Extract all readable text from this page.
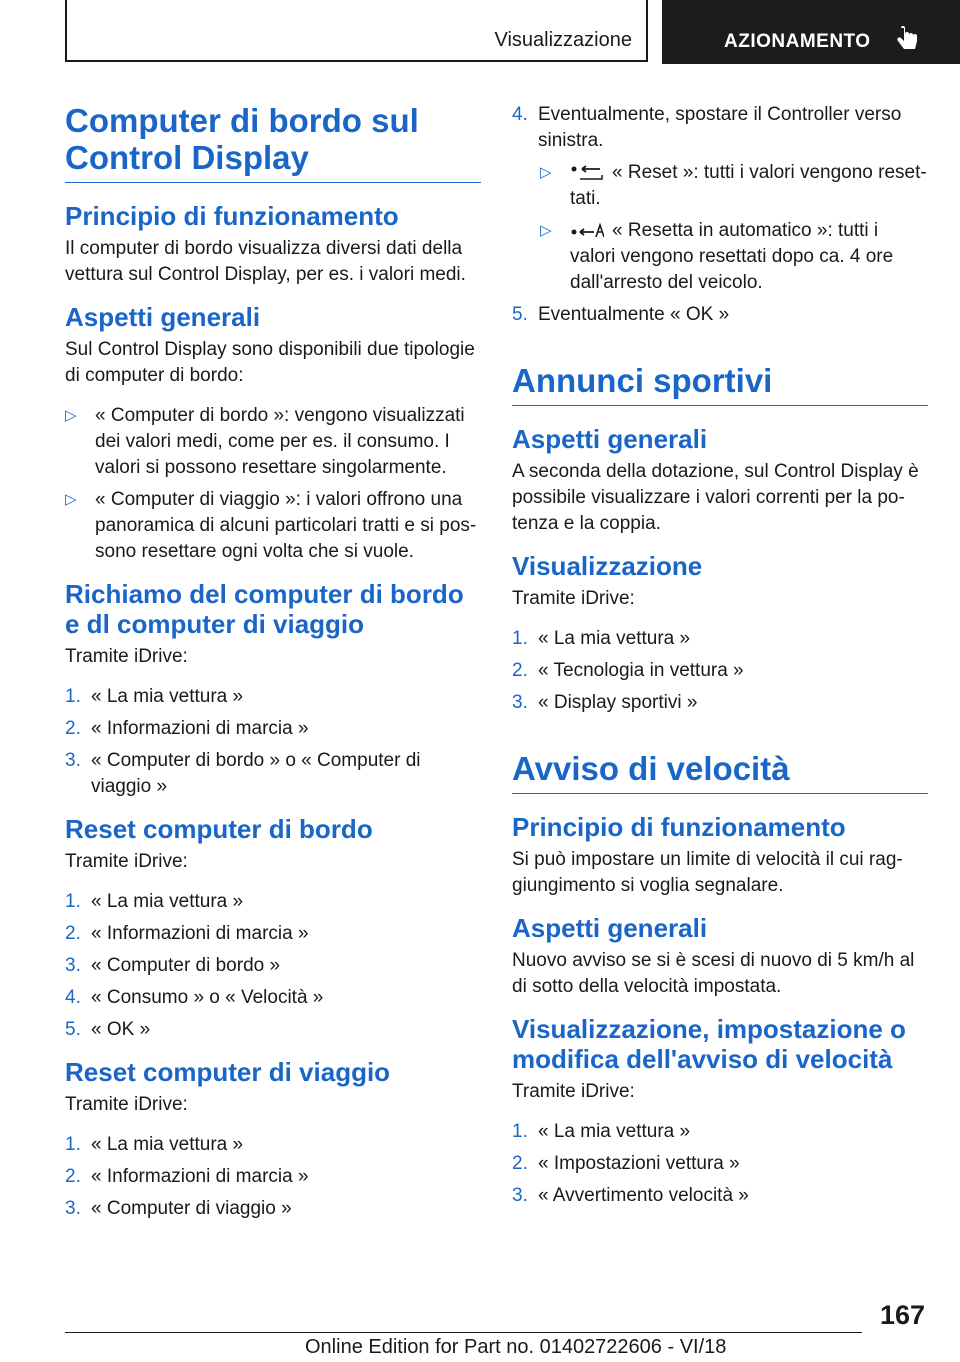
Visualizzazione	AZIONAMENTO
Computer di bordo sul Control Display
Principio di funzionamento
Il computer di bordo visualizza diversi dati della vettura sul Control Display, per es. i valori medi.
Aspetti generali
Sul Control Display sono disponibili due tipologie di computer di bordo:
▷ « Computer di bordo »: vengono visualizzati dei valori medi, come per es. il consumo. I valori si possono resettare singolarmente.
▷ « Computer di viaggio »: i valori offrono una panoramica di alcuni particolari tratti e si possono resettare ogni volta che si vuole.
Richiamo del computer di bordo e dl computer di viaggio
Tramite iDrive:
1. « La mia vettura »
2. « Informazioni di marcia »
3. « Computer di bordo » o « Computer di viaggio »
Reset computer di bordo
Tramite iDrive:
1. « La mia vettura »
2. « Informazioni di marcia »
3. « Computer di bordo »
4. « Consumo » o « Velocità »
5. « OK »
Reset computer di viaggio
Tramite iDrive:
1. « La mia vettura »
2. « Informazioni di marcia »
3. « Computer di viaggio »
4. Eventualmente, spostare il Controller verso sinistra.
▷	« Reset »: tutti i valori vengono resettati.
▷	« Resetta in automatico »: tutti i valori vengono resettati dopo ca. 4 ore dall'arresto del veicolo.
5. Eventualmente « OK »
Annunci sportivi
Aspetti generali
A seconda della dotazione, sul Control Display è possibile visualizzare i valori correnti per la potenza e la coppia.
Visualizzazione
Tramite iDrive:
1. « La mia vettura »
2. « Tecnologia in vettura »
3. « Display sportivi »
Avviso di velocità
Principio di funzionamento
Si può impostare un limite di velocità il cui raggiungimento si voglia segnalare.
Aspetti generali
Nuovo avviso se si è scesi di nuovo di 5 km/h al di sotto della velocità impostata.
Visualizzazione, impostazione o modifica dell'avviso di velocità
Tramite iDrive:
1. « La mia vettura »
2. « Impostazioni vettura »
3. « Avvertimento velocità »
167
Online Edition for Part no. 01402722606 - VI/18
